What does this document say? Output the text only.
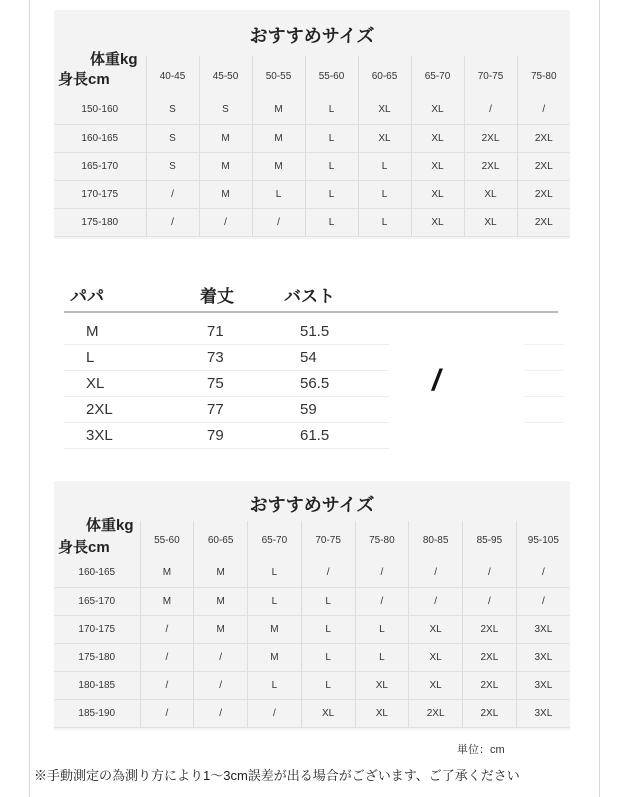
おすすめサイズ
体重kg
身長cm	40-45	45-50	50-55	55-60	60-65	65-70	70-75	75-80
150-160	S	S	M	L	XL	XL	/	/
160-165	S	M	M	L	XL	XL	2XL	2XL
165-170	S	M	M	L	L	XL	2XL	2XL
170-175	/	M	L	L	L	XL	XL	2XL
175-180	/	/	/	L	L	XL	XL	2XL
パパ	着丈	バスト
M	71	51.5
L	73	54
XL	75	56.5
2XL	77	59
3XL	79	61.5
/
おすすめサイズ
体重kg
身長cm	55-60	60-65	65-70	70-75	75-80	80-85	85-95	95-105
160-165	M	M	L	/	/	/	/	/
165-170	M	M	L	L	/	/	/	/
170-175	/	M	M	L	L	XL	2XL	3XL
175-180	/	/	M	L	L	XL	2XL	3XL
180-185	/	/	L	L	XL	XL	2XL	3XL
185-190	/	/	/	XL	XL	2XL	2XL	3XL
単位：cm
※手動測定の為測り方により1〜3cm誤差が出る場合がございます、ご了承ください
